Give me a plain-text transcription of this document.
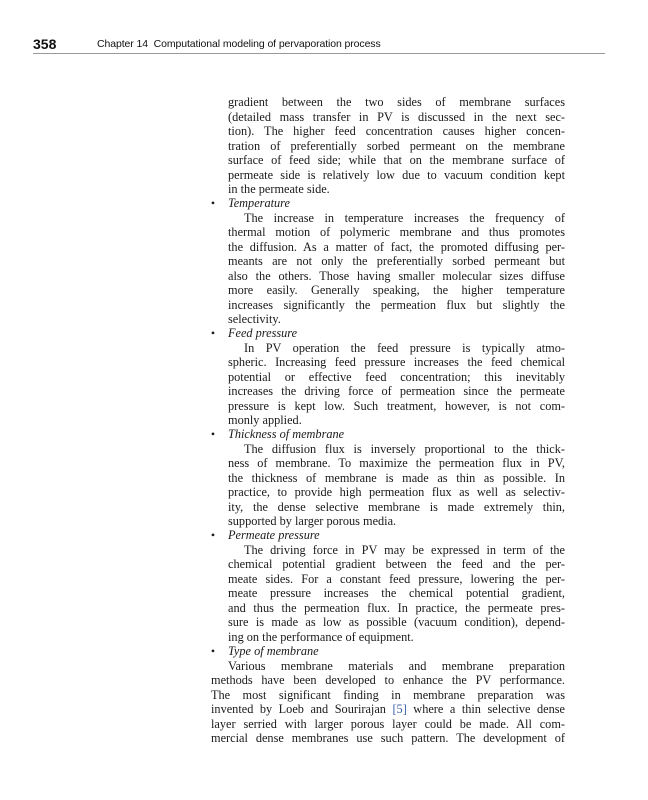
358	Chapter 14 Computational modeling of pervaporation process
gradient between the two sides of membrane surfaces
(detailed mass transfer in PV is discussed in the next sec-
tion). The higher feed concentration causes higher concen-
tration of preferentially sorbed permeant on the membrane
surface of feed side; while that on the membrane surface of
permeate side is relatively low due to vacuum condition kept
in the permeate side.
• Temperature
The increase in temperature increases the frequency of
thermal motion of polymeric membrane and thus promotes
the diffusion. As a matter of fact, the promoted diffusing per-
meants are not only the preferentially sorbed permeant but
also the others. Those having smaller molecular sizes diffuse
more easily. Generally speaking, the higher temperature
increases significantly the permeation flux but slightly the
selectivity.
• Feed pressure
In PV operation the feed pressure is typically atmo-
spheric. Increasing feed pressure increases the feed chemical
potential or effective feed concentration; this inevitably
increases the driving force of permeation since the permeate
pressure is kept low. Such treatment, however, is not com-
monly applied.
• Thickness of membrane
The diffusion flux is inversely proportional to the thick-
ness of membrane. To maximize the permeation flux in PV,
the thickness of membrane is made as thin as possible. In
practice, to provide high permeation flux as well as selectiv-
ity, the dense selective membrane is made extremely thin,
supported by larger porous media.
• Permeate pressure
The driving force in PV may be expressed in term of the
chemical potential gradient between the feed and the per-
meate sides. For a constant feed pressure, lowering the per-
meate pressure increases the chemical potential gradient,
and thus the permeation flux. In practice, the permeate pres-
sure is made as low as possible (vacuum condition), depend-
ing on the performance of equipment.
• Type of membrane
Various membrane materials and membrane preparation
methods have been developed to enhance the PV performance.
The most significant finding in membrane preparation was
invented by Loeb and Sourirajan [5] where a thin selective dense
layer serried with larger porous layer could be made. All com-
mercial dense membranes use such pattern. The development of
